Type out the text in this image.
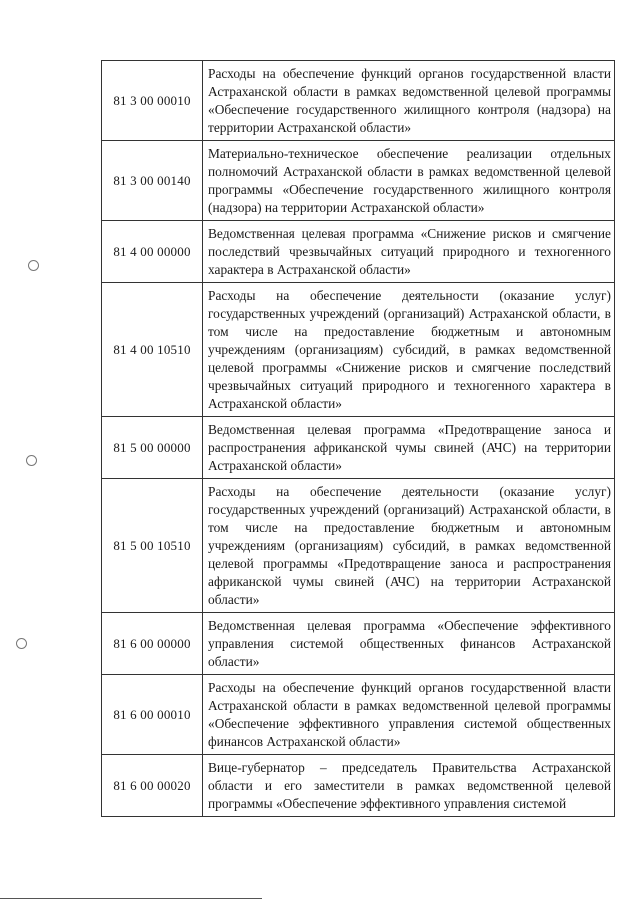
81 3 00 00010
Расходы на обеспечение функций органов государственной власти Астраханской области в рамках ведомственной целевой программы «Обеспечение государственного жилищного контроля (надзора) на территории Астраханской области»
81 3 00 00140
Материально-техническое обеспечение реализации отдельных полномочий Астраханской области в рамках ведомственной целевой программы «Обеспечение государственного жилищного контроля (надзора) на территории Астраханской области»
81 4 00 00000
Ведомственная целевая программа «Снижение рисков и смягчение последствий чрезвычайных ситуаций природного и техногенного характера в Астраханской области»
81 4 00 10510
Расходы на обеспечение деятельности (оказание услуг) государственных учреждений (организаций) Астраханской области, в том числе на предоставление бюджетным и автономным учреждениям (организациям) субсидий, в рамках ведомственной целевой программы «Снижение рисков и смягчение последствий чрезвычайных ситуаций природного и техногенного характера в Астраханской области»
81 5 00 00000
Ведомственная целевая программа «Предотвращение заноса и распространения африканской чумы свиней (АЧС) на территории Астраханской области»
81 5 00 10510
Расходы на обеспечение деятельности (оказание услуг) государственных учреждений (организаций) Астраханской области, в том числе на предоставление бюджетным и автономным учреждениям (организациям) субсидий, в рамках ведомственной целевой программы «Предотвращение заноса и распространения африканской чумы свиней (АЧС) на территории Астраханской области»
81 6 00 00000
Ведомственная целевая программа «Обеспечение эффективного управления системой общественных финансов Астраханской области»
81 6 00 00010
Расходы на обеспечение функций органов государственной власти Астраханской области в рамках ведомственной целевой программы «Обеспечение эффективного управления системой общественных финансов Астраханской области»
81 6 00 00020
Вице-губернатор – председатель Правительства Астраханской области и его заместители в рамках ведомственной целевой программы «Обеспечение эффективного управления системой
